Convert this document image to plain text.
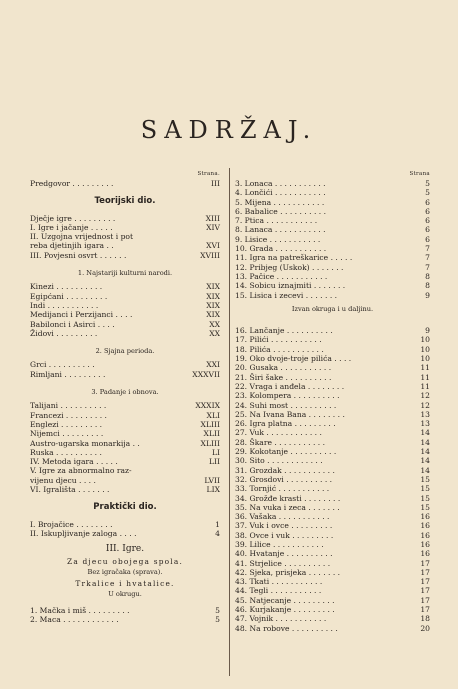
SADRŽAJ.
Strana.
Predgovor . . . . . . . . .	III
Teorijski dio.
Dječje igre . . . . . . . . .	XIII
I. Igre i jačanje . . . . .	XIV
II. Uzgojna vrijednost i pot
reba djetinjih igara . .	XVI
III. Povjesni osvrt . . . . . .	XVIII
1. Najstariji kulturni narodi.
Kinezi . . . . . . . . . .	XIX
Egipćani . . . . . . . . .	XIX
Indi . . . . . . . . . . .	XIX
Medijanci i Perzijanci . . . .	XIX
Babilonci i Asirci . . . .	XX
Židovi . . . . . . . . .	XX
2. Sjajna perioda.
Grci . . . . . . . . . .	XXI
Rimljani . . . . . . . . .	XXXVII
3. Padanje i obnova.
Talijani . . . . . . . . . .	XXXIX
Francezi . . . . . . . . .	XLI
Englezi . . . . . . . . .	XLIII
Nijemci . . . . . . . . .	XLII
Austro-ugarska monarkija . .	XLIII
Ruska . . . . . . . . . .	LI
IV. Metoda igara . . . . .	LII
V. Igre za abnormalno raz-
vijenu djecu . . . .	LVII
VI. Igrališta . . . . . . .	LIX
Praktički dio.
I. Brojačice . . . . . . . .	1
II. Iskupljivanje zaloga . . . .	4
III. Igre.
Za djecu obojega spola.
Bez igračaka (sprava).
Trkalice i hvatalice.
U okrugu.
1. Mačka i miš . . . . . . . . .	5
2. Maca . . . . . . . . . . . .	5
Strana
3. Lonaca . . . . . . . . . . .	5
4. Lončići . . . . . . . . . . .	5
5. Mijena . . . . . . . . . . .	6
6. Babalice . . . . . . . . . .	6
7. Ptica . . . . . . . . . . .	6
8. Lanaca . . . . . . . . . . .	6
9. Lisice . . . . . . . . . . .	6
10. Grada . . . . . . . . . . .	7
11. Igra na patreškarice . . . . .	7
12. Pribjeg (Uskok) . . . . . . .	7
13. Pačice . . . . . . . . . . .	8
14. Sobicu iznajmiti . . . . . . .	8
15. Lisica i zecevi . . . . . . .	9
Izvan okruga i u daljinu.
16. Lančanje . . . . . . . . . .	9
17. Pilići . . . . . . . . . . .	10
18. Pilića . . . . . . . . . . .	10
19. Oko dvoje-troje pilića . . . .	10
20. Gusaka . . . . . . . . . . .	11
21. Širi šake . . . . . . . . . .	11
22. Vraga i anđela . . . . . . . .	11
23. Kolompera . . . . . . . . . .	12
24. Suhi most . . . . . . . . . .	12
25. Na Ivana Bana . . . . . . . .	13
26. Igra platna . . . . . . . . .	13
27. Vuk . . . . . . . . . . . .	14
28. Škare . . . . . . . . . . .	14
29. Kokotanje . . . . . . . . . .	14
30. Sito . . . . . . . . . . . .	14
31. Grozdak . . . . . . . . . . .	14
32. Grosdovi . . . . . . . . . .	15
33. Tornjić . . . . . . . . . . .	15
34. Grožđe krasti . . . . . . . .	15
35. Na vuka i zeca . . . . . . .	15
36. Vašaka . . . . . . . . . . .	16
37. Vuk i ovce . . . . . . . . .	16
38. Ovce i vuk . . . . . . . . .	16
39. Lilice . . . . . . . . . . .	16
40. Hvatanje . . . . . . . . . .	16
41. Strjelice . . . . . . . . . .	17
42. Sjeka, prisjeka . . . . . . .	17
43. Tkati . . . . . . . . . . .	17
44. Tegli . . . . . . . . . . .	17
45. Natjecanje . . . . . . . . .	17
46. Kurjakanje . . . . . . . . .	17
47. Vojnik . . . . . . . . . . .	18
48. Na robove . . . . . . . . . .	20
